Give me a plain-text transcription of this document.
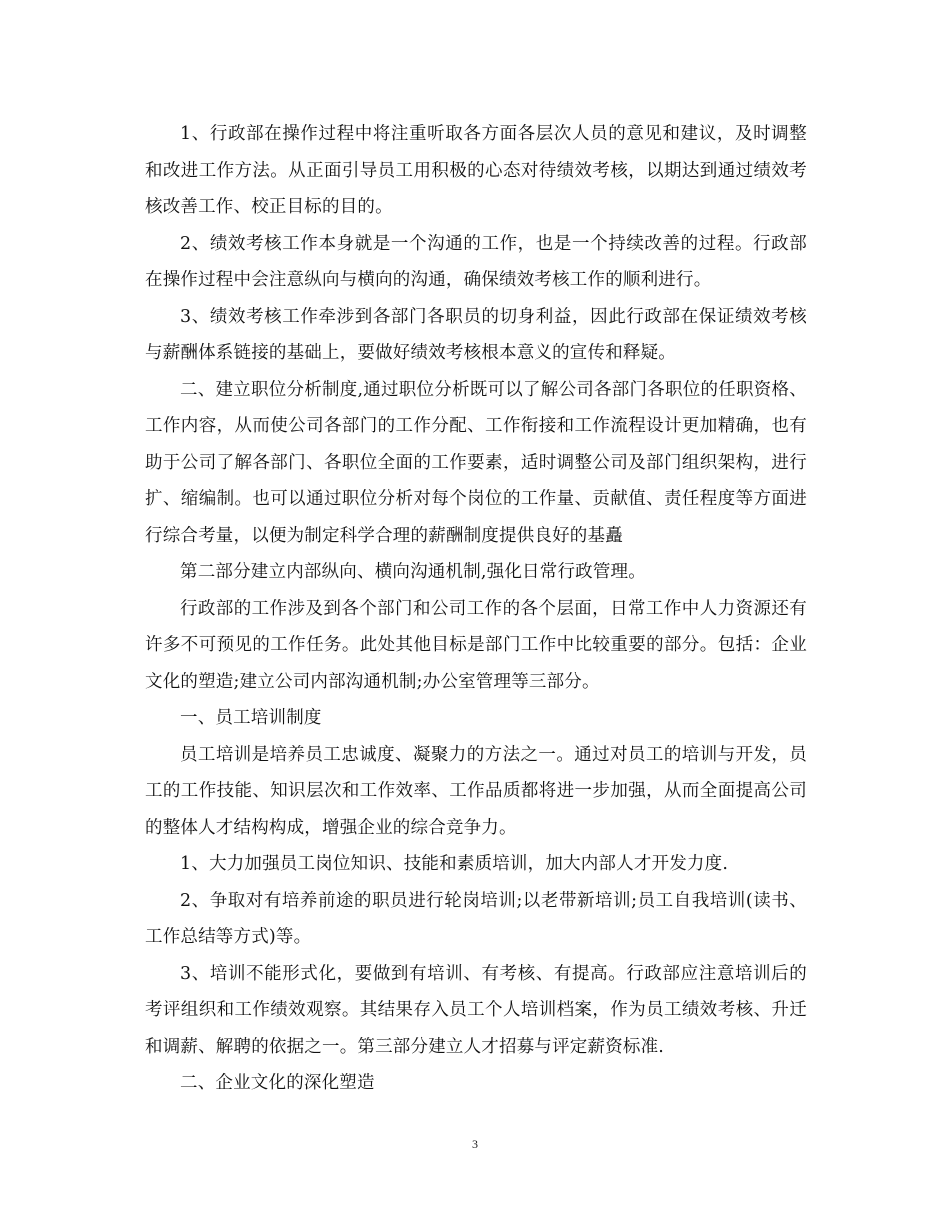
1、行政部在操作过程中将注重听取各方面各层次人员的意见和建议，及时调整和改进工作方法。从正面引导员工用积极的心态对待绩效考核，以期达到通过绩效考核改善工作、校正目标的目的。

2、绩效考核工作本身就是一个沟通的工作，也是一个持续改善的过程。行政部在操作过程中会注意纵向与横向的沟通，确保绩效考核工作的顺利进行。

3、绩效考核工作牵涉到各部门各职员的切身利益，因此行政部在保证绩效考核与薪酬体系链接的基础上，要做好绩效考核根本意义的宣传和释疑。

二、建立职位分析制度,通过职位分析既可以了解公司各部门各职位的任职资格、工作内容，从而使公司各部门的工作分配、工作衔接和工作流程设计更加精确，也有助于公司了解各部门、各职位全面的工作要素，适时调整公司及部门组织架构，进行扩、缩编制。也可以通过职位分析对每个岗位的工作量、贡献值、责任程度等方面进行综合考量，以便为制定科学合理的薪酬制度提供良好的基矗

第二部分建立内部纵向、横向沟通机制,强化日常行政管理。

行政部的工作涉及到各个部门和公司工作的各个层面，日常工作中人力资源还有许多不可预见的工作任务。此处其他目标是部门工作中比较重要的部分。包括：企业文化的塑造;建立公司内部沟通机制;办公室管理等三部分。

一、员工培训制度

员工培训是培养员工忠诚度、凝聚力的方法之一。通过对员工的培训与开发，员工的工作技能、知识层次和工作效率、工作品质都将进一步加强，从而全面提高公司的整体人才结构构成，增强企业的综合竞争力。

1、大力加强员工岗位知识、技能和素质培训，加大内部人才开发力度.

2、争取对有培养前途的职员进行轮岗培训;以老带新培训;员工自我培训(读书、工作总结等方式)等。

3、培训不能形式化，要做到有培训、有考核、有提高。行政部应注意培训后的考评组织和工作绩效观察。其结果存入员工个人培训档案，作为员工绩效考核、升迁和调薪、解聘的依据之一。第三部分建立人才招募与评定薪资标准.

二、企业文化的深化塑造

3
